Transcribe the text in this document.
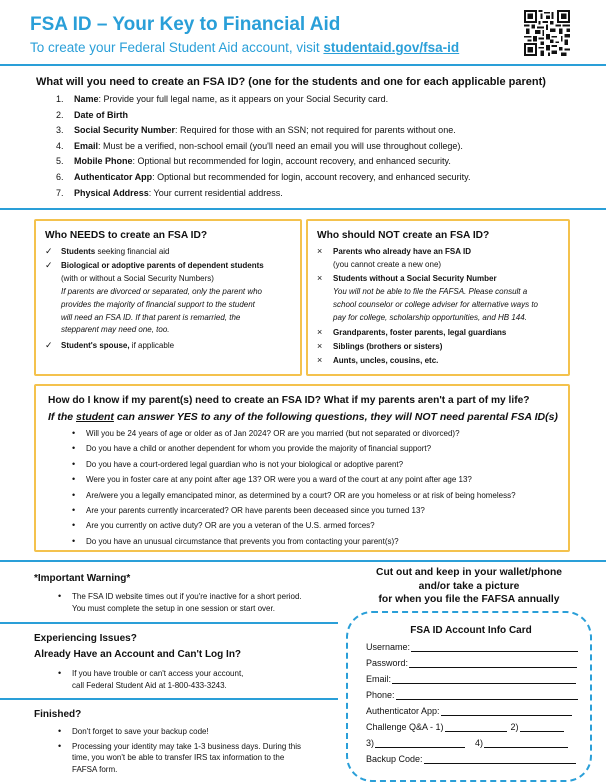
FSA ID – Your Key to Financial Aid
To create your Federal Student Aid account, visit studentaid.gov/fsa-id
What will you need to create an FSA ID? (one for the students and one for each applicable parent)
1. Name: Provide your full legal name, as it appears on your Social Security card.
2. Date of Birth
3. Social Security Number: Required for those with an SSN; not required for parents without one.
4. Email: Must be a verified, non-school email (you'll need an email you will use throughout college).
5. Mobile Phone: Optional but recommended for login, account recovery, and enhanced security.
6. Authenticator App: Optional but recommended for login, account recovery, and enhanced security.
7. Physical Address: Your current residential address.
Who NEEDS to create an FSA ID?
✓ Students seeking financial aid
✓ Biological or adoptive parents of dependent students
(with or without a Social Security Numbers)
If parents are divorced or separated, only the parent who
provides the majority of financial support to the student
will need an FSA ID. If that parent is remarried, the
stepparent may need one, too.
✓ Student's spouse, if applicable
Who should NOT create an FSA ID?
× Parents who already have an FSA ID
(you cannot create a new one)
× Students without a Social Security Number
You will not be able to file the FAFSA. Please consult a
school counselor or college adviser for alternative ways to
pay for college, scholarship opportunities, and HB 144.
× Grandparents, foster parents, legal guardians
× Siblings (brothers or sisters)
× Aunts, uncles, cousins, etc.
How do I know if my parent(s) need to create an FSA ID? What if my parents aren't a part of my life?
If the student can answer YES to any of the following questions, they will NOT need parental FSA ID(s)
• Will you be 24 years of age or older as of Jan 2024? OR are you married (but not separated or divorced)?
• Do you have a child or another dependent for whom you provide the majority of financial support?
• Do you have a court-ordered legal guardian who is not your biological or adoptive parent?
• Were you in foster care at any point after age 13? OR were you a ward of the court at any point after age 13?
• Are/were you a legally emancipated minor, as determined by a court? OR are you homeless or at risk of being homeless?
• Are your parents currently incarcerated? OR have parents been deceased since you turned 13?
• Are you currently on active duty? OR are you a veteran of the U.S. armed forces?
• Do you have an unusual circumstance that prevents you from contacting your parent(s)?
*Important Warning*
•	The FSA ID website times out if you're inactive for a short period.
You must complete the setup in one session or start over.
Experiencing Issues?
Already Have an Account and Can't Log In?
•	If you have trouble or can't access your account,
call Federal Student Aid at 1-800-433-3243.
Finished?
•	Don't forget to save your backup code!
•	Processing your identity may take 1-3 business days. During this
time, you won't be able to transfer IRS tax information to the
FAFSA form.

Cut out and keep in your wallet/phone

and/or take a picture

for when you file the FAFSA annually

FSA ID Account Info Card
Username:
Password:
Email:
Phone:
Authenticator App:
Challenge Q&A - 1)	2)
3)	4)
Backup Code:
